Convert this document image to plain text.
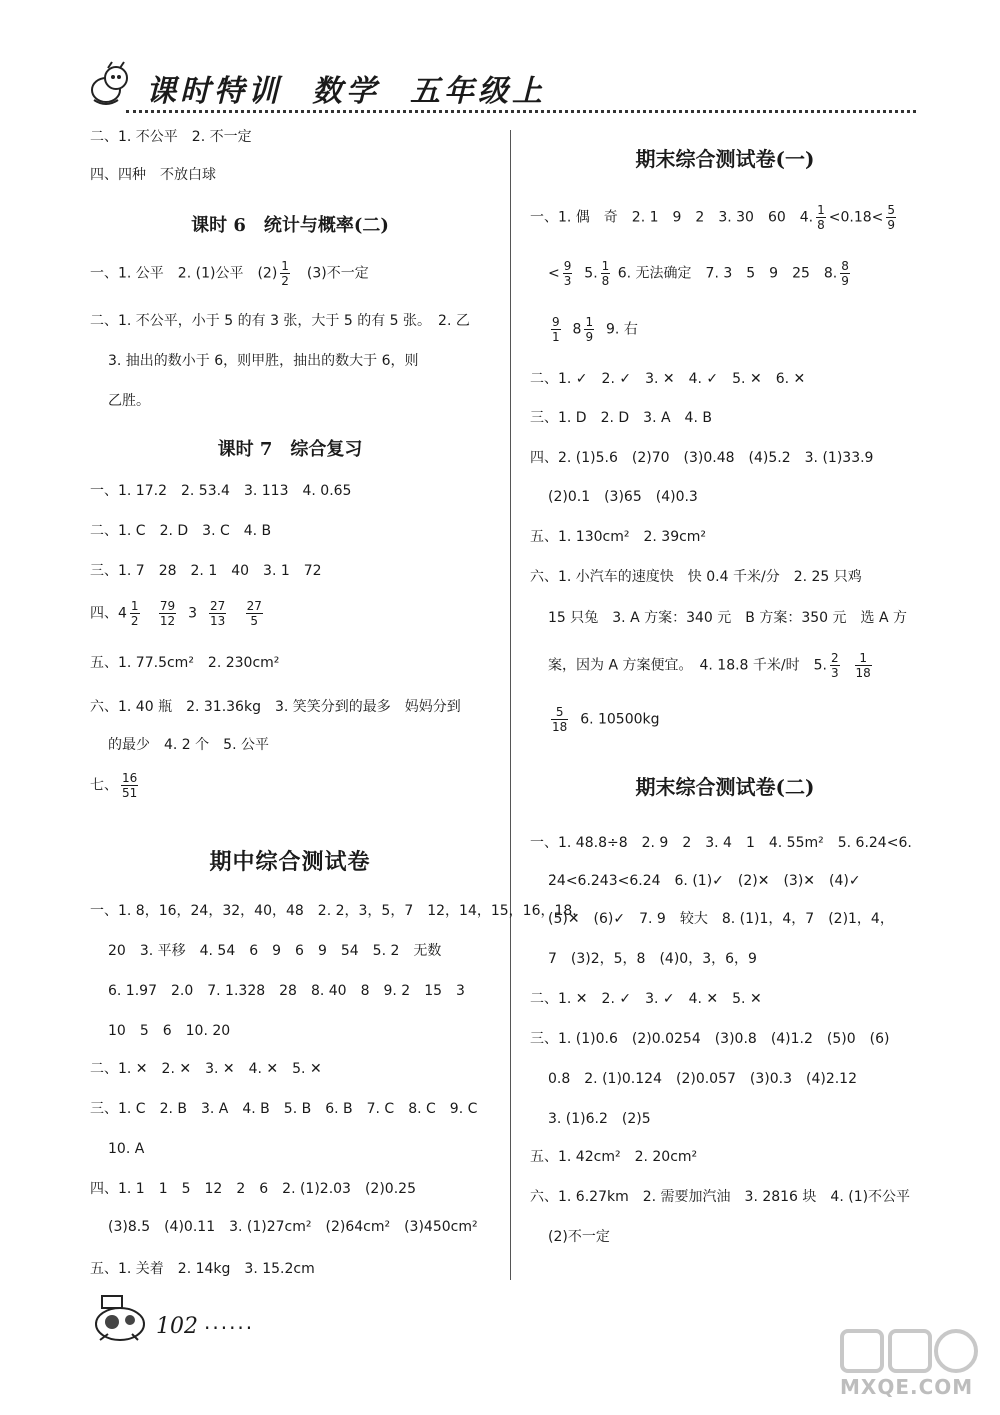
课时特训 数学 五年级上
二、1. 不公平　2. 不一定
四、四种　不放白球
课时 6　统计与概率(二)
一、1. 公平　2. (1)公平　$(2) \frac{1}{2}$ 　(3)不一定
二、1. 不公平，小于 5 的有 3 张，大于 5 的有 5 张。　2. 乙
3. 抽出的数小于 6，则甲胜，抽出的数大于 6，则
乙胜。
课时 7　综合复习
一、1. 17.2　2. 53.4　3. 113　4. 0.65
二、1. C　2. D　3. C　4. B
三、1. 7　28　2. 1　40　3. 1　72
四、$4 \frac{1}{2}$
$\frac{79}{12} 3 \frac{27}{13}$
$\frac{27}{5}$
五、1. 77.5cm²　2. 230cm²
六、1. 40 瓶　2. 31.36kg　3. 笑笑分到的最多　妈妈分到
的最少　4. 2 个　5. 公平
七、 $\frac{16}{51}$
期中综合测试卷
一、1. 8，16，24，32，40，48　2. 2，3，5，7　12，14，15，16，18，
20　3. 平移　4. 54　6　9　6　9　54　5. 2　无数
6. 1.97　2.0　7. 1.3̇2̇8　28　8. 40　8　9. 2　15　3
10　5　6　10. 20
二、1. ✕　2. ✕　3. ✕　4. ✕　5. ✕
三、1. C　2. B　3. A　4. B　5. B　6. B　7. C　8. C　9. C
10. A
四、1. 1　1　5　12　2　6　2. (1)2.03　(2)0.25
(3)8.5　(4)0.11　3. (1)27cm²　(2)64cm²　(3)450cm²
五、1. 关着　2. 14kg　3. 15.2cm
期末综合测试卷(一)
一、1. 偶　奇　2. 1　9　2　3. 30　60　4. $\frac{1}{8} <0.18< \frac{5}{9}$
< $\frac{9}{3} 5$. $\frac{1}{8} 6$. 无法确定　7. 3　5　9　25　8. $\frac{8}{9}$
$\frac{9}{1} 8 \frac{1}{9} 9$. 右
二、1. ✓　2. ✓　3. ✕　4. ✓　5. ✕　6. ✕
三、1. D　2. D　3. A　4. B
四、2. (1)5.6　(2)70　(3)0.48　(4)5.2　3. (1)33.9
(2)0.1　(3)65　(4)0.3
五、1. 130cm²　2. 39cm²
六、1. 小汽车的速度快　快 0.4 千米/分　2. 25 只鸡
15 只兔　3. A 方案：340 元　B 方案：350 元　选 A 方
案，因为 A 方案便宜。　4. 18.8 千米/时　5. $\frac{2}{3}$
$\frac{1}{18}$
$\frac{5}{18} 6$. 10500kg
期末综合测试卷(二)
一、1. 48.8÷8　2. 9　2　3. 4　1　4. 55m²　5. 6.24<6.
2̇4̇<6.243<6.24̇　6. (1)✓　(2)✕　(3)✕　(4)✓
(5)✕　(6)✓　7. 9　较大　8. (1)1，4，7　(2)1，4，
7　(3)2，5，8　(4)0，3，6，9
二、1. ✕　2. ✓　3. ✓　4. ✕　5. ✕
三、1. (1)0.6　(2)0.0254　(3)0.8　(4)1.2　(5)0　(6)
0.8　2. (1)0.124　(2)0.057　(3)0.3　(4)2.12
3. (1)6.2　(2)5
五、1. 42cm²　2. 20cm²
六、1. 6.27km　2. 需要加汽油　3. 2816 块　4. (1)不公平
(2)不一定
102 ······
MXQE.COM
